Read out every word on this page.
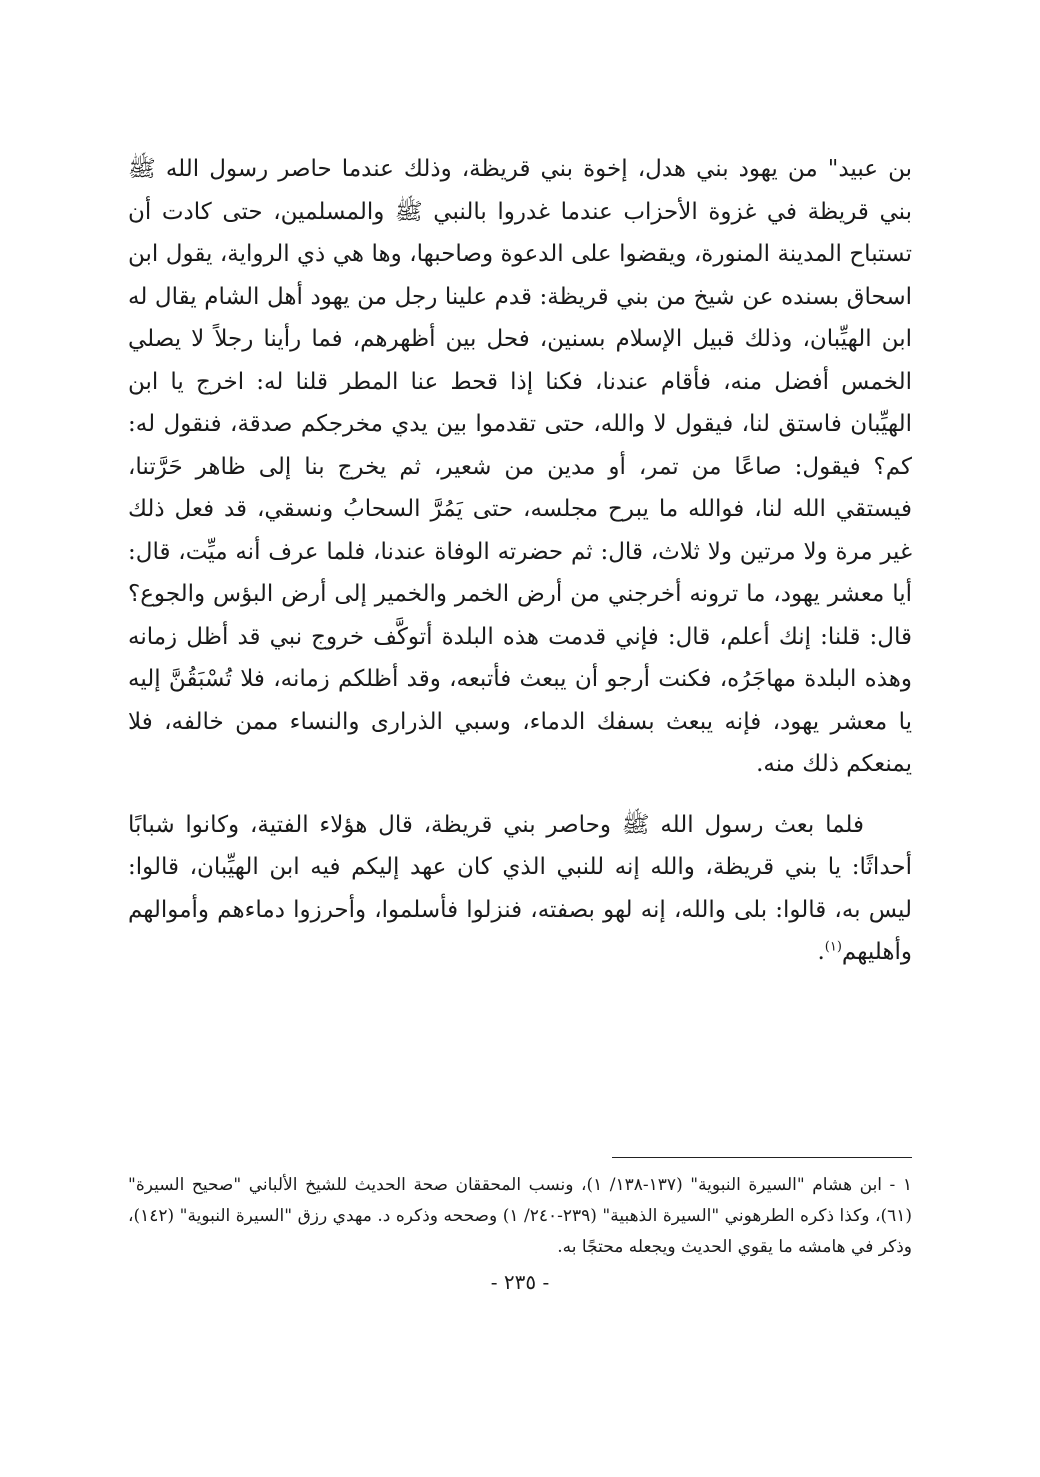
بن عبيد" من يهود بني هدل، إخوة بني قريظة، وذلك عندما حاصر رسول الله ﷺ بني قريظة في غزوة الأحزاب عندما غدروا بالنبي ﷺ والمسلمين، حتى كادت أن تستباح المدينة المنورة، ويقضوا على الدعوة وصاحبها، وها هي ذي الرواية، يقول ابن اسحاق بسنده عن شيخ من بني قريظة: قدم علينا رجل من يهود أهل الشام يقال له ابن الهيِّبان، وذلك قبيل الإسلام بسنين، فحل بين أظهرهم، فما رأينا رجلاً لا يصلي الخمس أفضل منه، فأقام عندنا، فكنا إذا قحط عنا المطر قلنا له: اخرج يا ابن الهيِّبان فاستق لنا، فيقول لا والله، حتى تقدموا بين يدي مخرجكم صدقة، فنقول له: كم؟ فيقول: صاعًا من تمر، أو مدين من شعير، ثم يخرج بنا إلى ظاهر حَرَّتنا، فيستقي الله لنا، فوالله ما يبرح مجلسه، حتى يَمُرَّ السحابُ ونسقي، قد فعل ذلك غير مرة ولا مرتين ولا ثلاث، قال: ثم حضرته الوفاة عندنا، فلما عرف أنه ميِّت، قال: أيا معشر يهود، ما ترونه أخرجني من أرض الخمر والخمير إلى أرض البؤس والجوع؟ قال: قلنا: إنك أعلم، قال: فإني قدمت هذه البلدة أتوكَّف خروج نبي قد أظل زمانه وهذه البلدة مهاجَرُه، فكنت أرجو أن يبعث فأتبعه، وقد أظلكم زمانه، فلا تُسْبَقُنَّ إليه يا معشر يهود، فإنه يبعث بسفك الدماء، وسبي الذرارى والنساء ممن خالفه، فلا يمنعكم ذلك منه.

فلما بعث رسول الله ﷺ وحاصر بني قريظة، قال هؤلاء الفتية، وكانوا شبابًا أحداثًا: يا بني قريظة، والله إنه للنبي الذي كان عهد إليكم فيه ابن الهيِّبان، قالوا: ليس به، قالوا: بلى والله، إنه لهو بصفته، فنزلوا فأسلموا، وأحرزوا دماءهم وأموالهم وأهليهم$^{(١)}$.

١ - ابن هشام "السيرة النبوية" (١٣٧-١٣٨/ ١)، ونسب المحققان صحة الحديث للشيخ الألباني "صحيح السيرة" (٦١)، وكذا ذكره الطرهوني "السيرة الذهبية" (٢٣٩-٢٤٠/ ١) وصححه وذكره د. مهدي رزق "السيرة النبوية" (١٤٢)، وذكر في هامشه ما يقوي الحديث ويجعله محتجًا به.

- ٢٣٥ -
